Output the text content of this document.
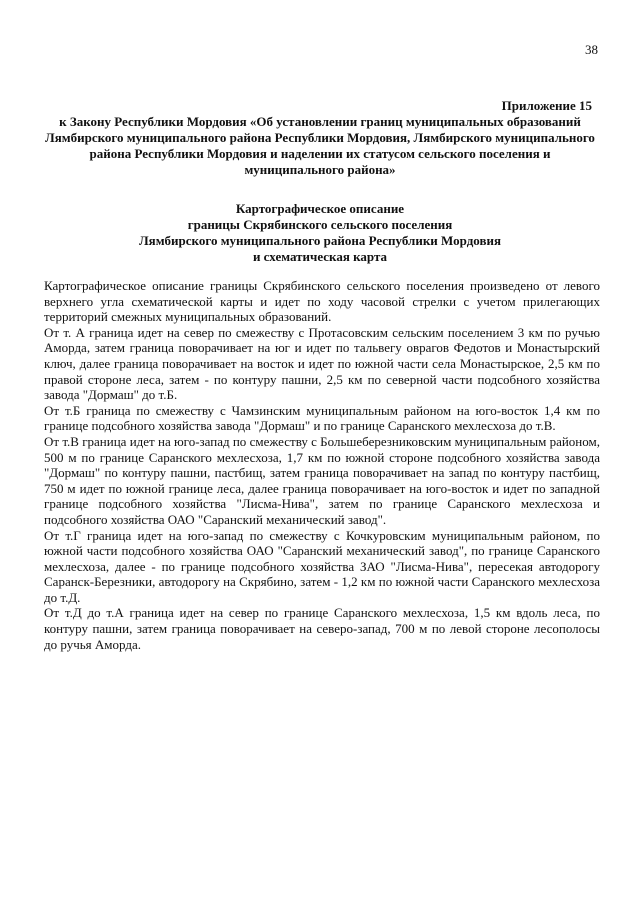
38
Приложение 15

к Закону Республики Мордовия «Об установлении границ муниципальных образований Лямбирского муниципального района Республики Мордовия, Лямбирского муниципального района Республики Мордовия и наделении их статусом сельского поселения и муниципального района»

Картографическое описание
границы Скрябинского сельского поселения
Лямбирского муниципального района Республики Мордовия
и схематическая карта

Картографическое описание границы Скрябинского сельского поселения произведено от левого верхнего угла схематической карты и идет по ходу часовой стрелки с учетом прилегающих территорий смежных муниципальных образований.

От т. А граница идет на север по смежеству с Протасовским сельским поселением 3 км по ручью Аморда, затем граница поворачивает на юг и идет по тальвегу оврагов Федотов и Монастырский ключ, далее граница поворачивает на восток и идет по южной части села Монастырское, 2,5 км по правой стороне леса, затем - по контуру пашни, 2,5 км по северной части подсобного хозяйства завода "Дормаш" до т.Б.

От т.Б граница по смежеству с Чамзинским муниципальным районом на юго-восток 1,4 км по границе подсобного хозяйства завода "Дормаш" и по границе Саранского мехлесхоза до т.В.

От т.В граница идет на юго-запад по смежеству с Большеберезниковским муниципальным районом, 500 м по границе Саранского мехлесхоза, 1,7 км по южной стороне подсобного хозяйства завода "Дормаш" по контуру пашни, пастбищ, затем граница поворачивает на запад по контуру пастбищ, 750 м идет по южной границе леса, далее граница поворачивает на юго-восток и идет по западной границе подсобного хозяйства "Лисма-Нива", затем по границе Саранского мехлесхоза и подсобного хозяйства ОАО "Саранский механический завод".

От т.Г граница идет на юго-запад по смежеству с Кочкуровским муниципальным районом, по южной части подсобного хозяйства ОАО "Саранский механический завод", по границе Саранского мехлесхоза, далее - по границе подсобного хозяйства ЗАО "Лисма-Нива", пересекая автодорогу Саранск-Березники, автодорогу на Скрябино, затем - 1,2 км по южной части Саранского мехлесхоза до т.Д.

От т.Д до т.А граница идет на север по границе Саранского мехлесхоза, 1,5 км вдоль леса, по контуру пашни, затем граница поворачивает на северо-запад, 700 м по левой стороне лесополосы до ручья Аморда.
